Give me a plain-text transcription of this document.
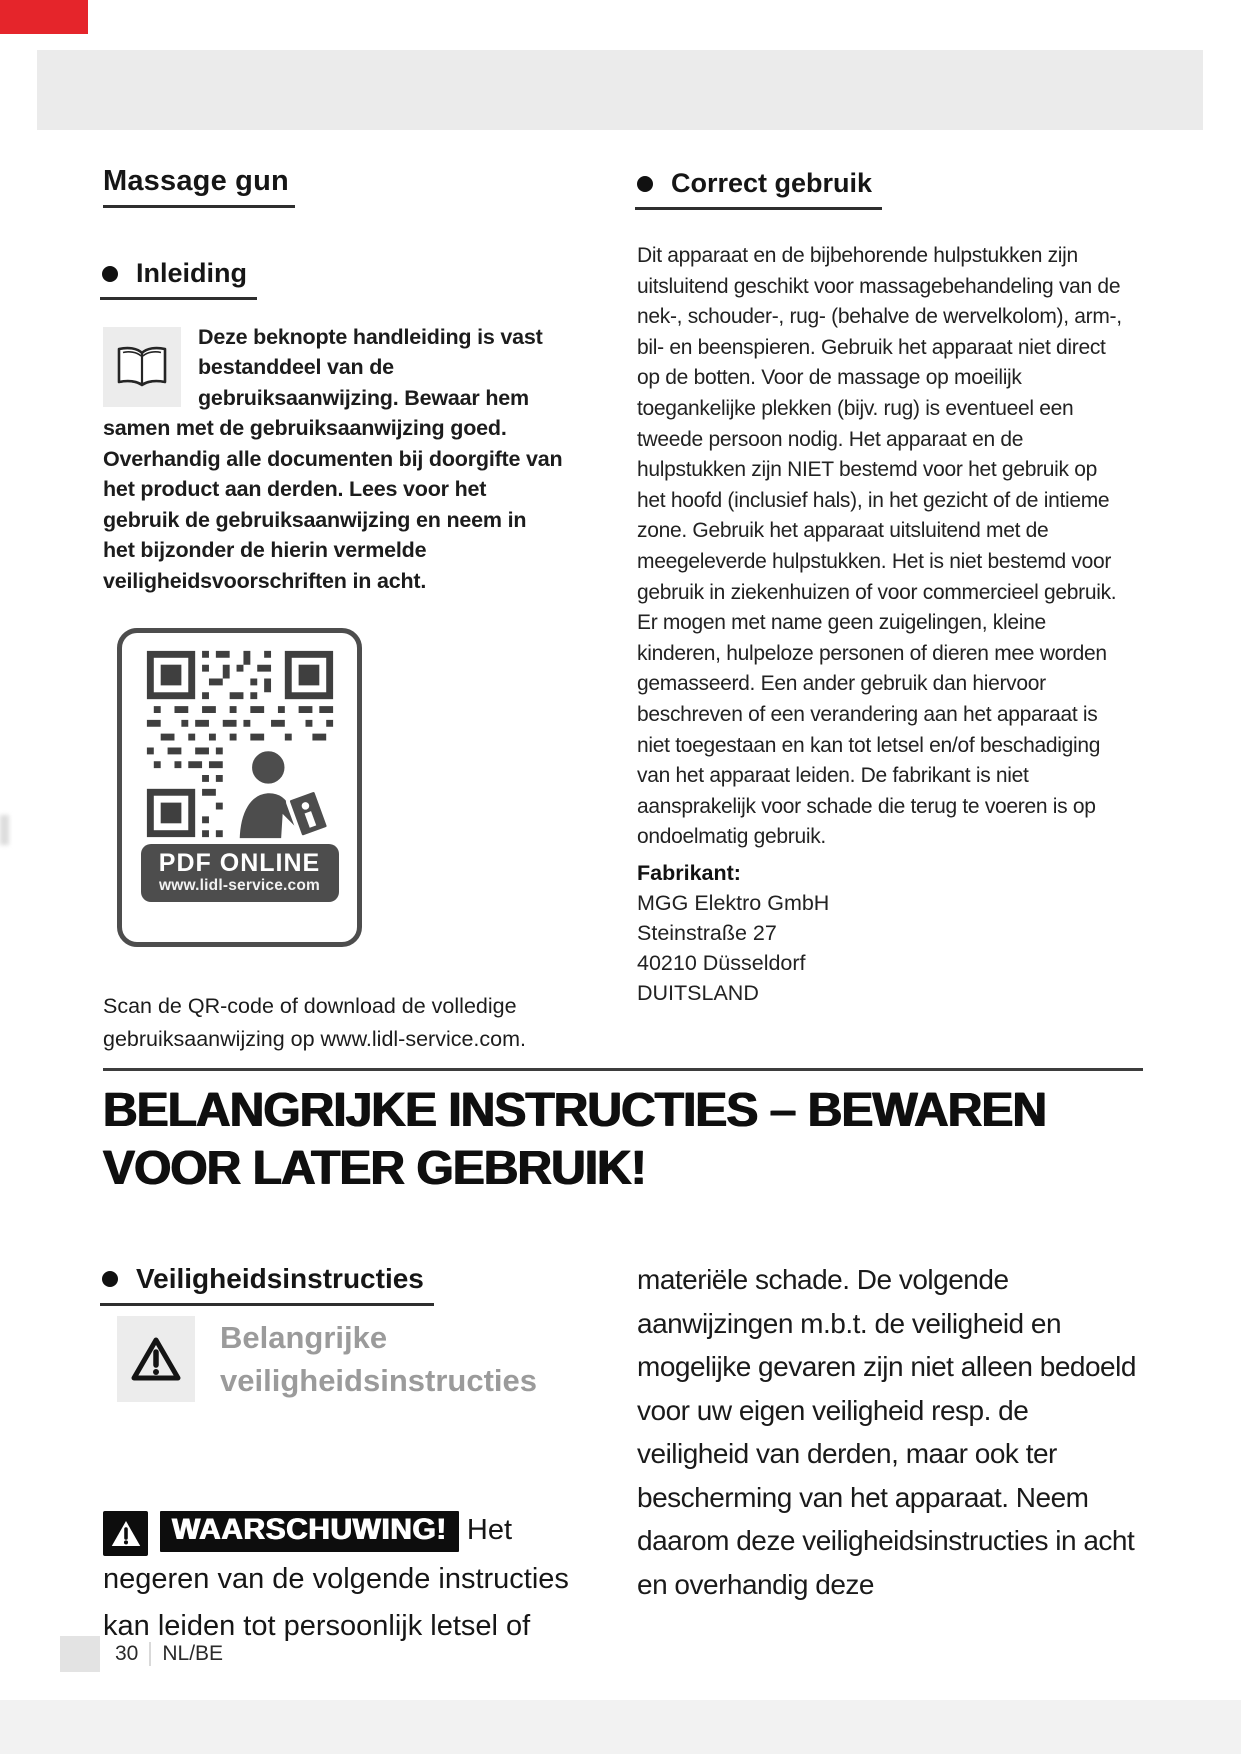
Massage gun	Correct gebruik
Inleiding

Deze beknopte handleiding is vast bestanddeel van de gebruiksaanwijzing. Bewaar hem samen met de gebruiksaanwijzing goed. Overhandig alle documenten bij doorgifte van het product aan derden. Lees voor het gebruik de gebruiksaanwijzing en neem in het bijzonder de hierin vermelde veiligheidsvoorschriften in acht.

PDF ONLINE
www.lidl-service.com

Scan de QR-code of download de volledige gebruiksaanwijzing op www.lidl-service.com.

Dit apparaat en de bijbehorende hulpstukken zijn uitsluitend geschikt voor massagebehandeling van de nek-, schouder-, rug- (behalve de wervelkolom), arm-, bil- en beenspieren. Gebruik het apparaat niet direct op de botten. Voor de massage op moeilijk toegankelijke plekken (bijv. rug) is eventueel een tweede persoon nodig. Het apparaat en de hulpstukken zijn NIET bestemd voor het gebruik op het hoofd (inclusief hals), in het gezicht of de intieme zone. Gebruik het apparaat uitsluitend met de meegeleverde hulpstukken. Het is niet bestemd voor gebruik in ziekenhuizen of voor commercieel gebruik. Er mogen met name geen zuigelingen, kleine kinderen, hulpeloze personen of dieren mee worden gemasseerd. Een ander gebruik dan hiervoor beschreven of een verandering aan het apparaat is niet toegestaan en kan tot letsel en/of beschadiging van het apparaat leiden. De fabrikant is niet aansprakelijk voor schade die terug te voeren is op ondoelmatig gebruik.

Fabrikant:
MGG Elektro GmbH
Steinstraße 27
40210 Düsseldorf
DUITSLAND
BELANGRIJKE INSTRUCTIES – BEWAREN
VOOR LATER GEBRUIK!
Veiligheidsinstructies
Belangrijke
veiligheidsinstructies

WAARSCHUWING! Het negeren van de volgende instructies kan leiden tot persoonlijk letsel of

materiële schade. De volgende aanwijzingen m.b.t. de veiligheid en mogelijke gevaren zijn niet alleen bedoeld voor uw eigen veiligheid resp. de veiligheid van derden, maar ook ter bescherming van het apparaat. Neem daarom deze veiligheidsinstructies in acht en overhandig deze

30	NL/BE
